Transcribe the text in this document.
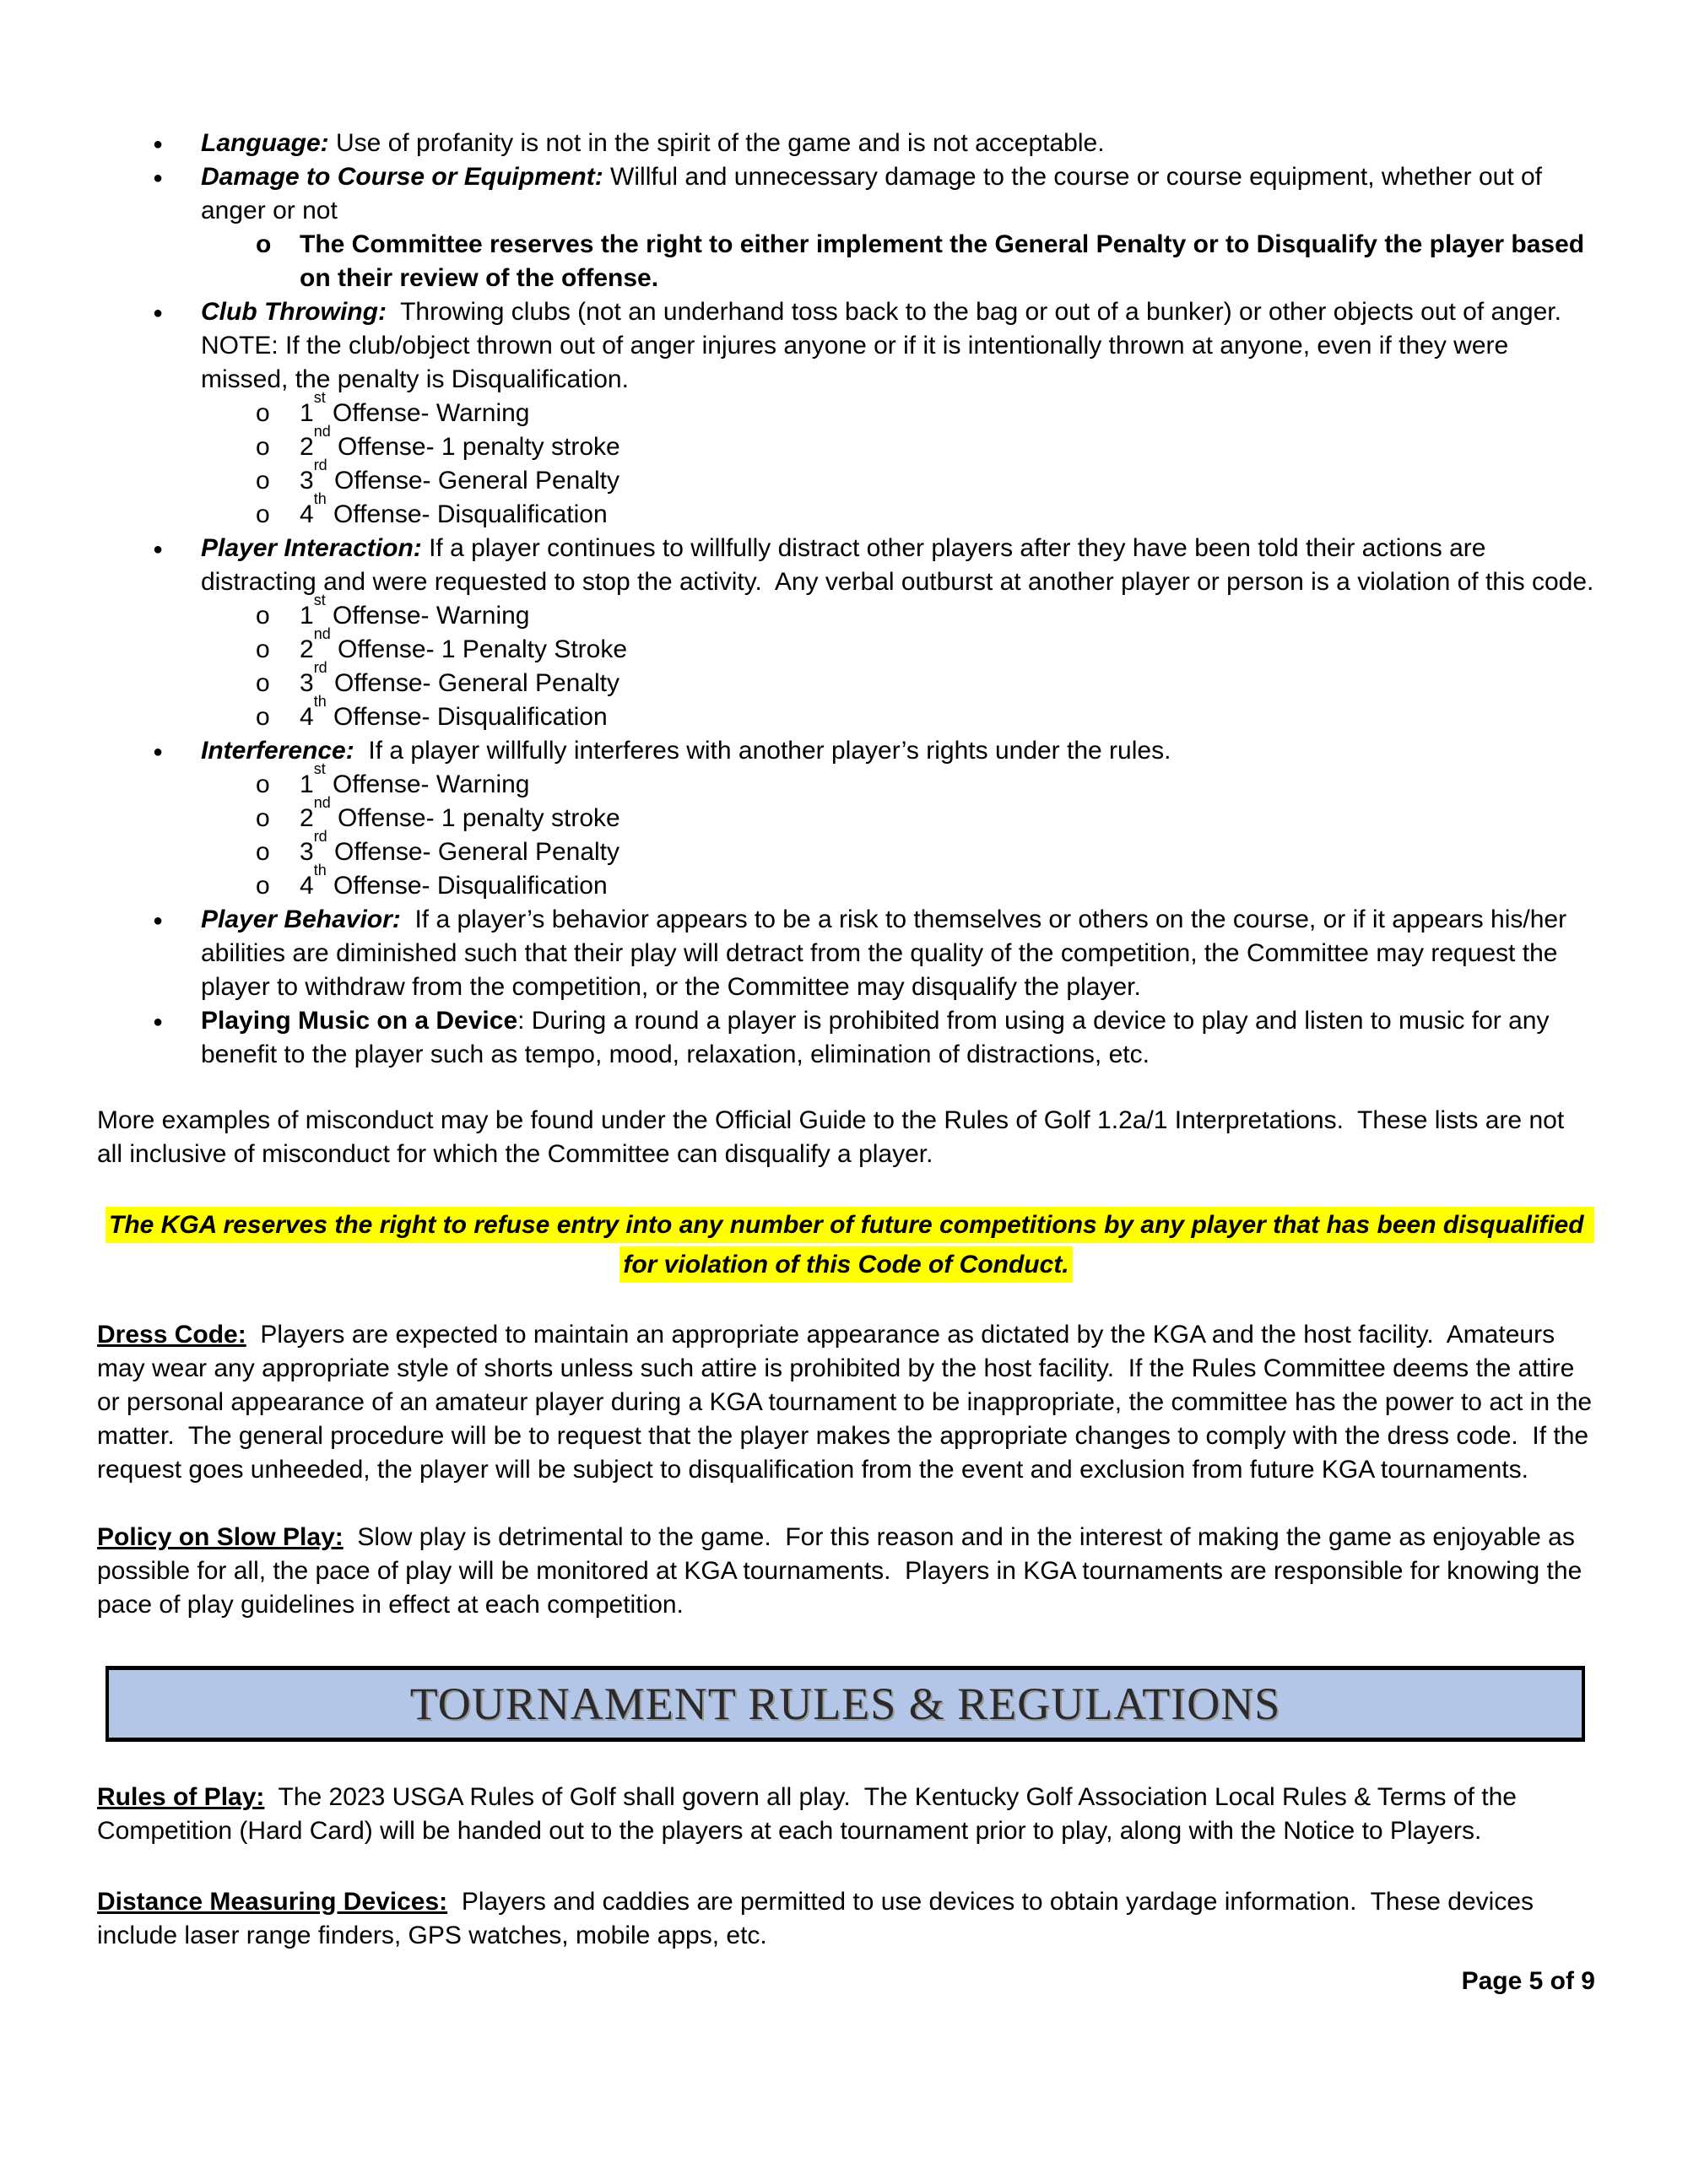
●
Language: Use of profanity is not in the spirit of the game and is not acceptable.
●
Damage to Course or Equipment: Willful and unnecessary damage to the course or course equipment, whether out of anger or not
o
The Committee reserves the right to either implement the General Penalty or to Disqualify the player based on their review of the offense.
●
Club Throwing:  Throwing clubs (not an underhand toss back to the bag or out of a bunker) or other objects out of anger.  NOTE: If the club/object thrown out of anger injures anyone or if it is intentionally thrown at anyone, even if they were missed, the penalty is Disqualification.
o
1st Offense- Warning
o
2nd Offense- 1 penalty stroke
o
3rd Offense- General Penalty
o
4th Offense- Disqualification
●
Player Interaction: If a player continues to willfully distract other players after they have been told their actions are distracting and were requested to stop the activity.  Any verbal outburst at another player or person is a violation of this code.
o
1st Offense- Warning
o
2nd Offense- 1 Penalty Stroke
o
3rd Offense- General Penalty
o
4th Offense- Disqualification
●
Interference:  If a player willfully interferes with another player’s rights under the rules.
o
1st Offense- Warning
o
2nd Offense- 1 penalty stroke
o
3rd Offense- General Penalty
o
4th Offense- Disqualification
●
Player Behavior:  If a player’s behavior appears to be a risk to themselves or others on the course, or if it appears his/her abilities are diminished such that their play will detract from the quality of the competition, the Committee may request the player to withdraw from the competition, or the Committee may disqualify the player.
●
Playing Music on a Device: During a round a player is prohibited from using a device to play and listen to music for any benefit to the player such as tempo, mood, relaxation, elimination of distractions, etc.

More examples of misconduct may be found under the Official Guide to the Rules of Golf 1.2a/1 Interpretations.  These lists are not all inclusive of misconduct for which the Committee can disqualify a player.

The KGA reserves the right to refuse entry into any number of future competitions by any player that has been disqualified for violation of this Code of Conduct.

Dress Code:  Players are expected to maintain an appropriate appearance as dictated by the KGA and the host facility.  Amateurs may wear any appropriate style of shorts unless such attire is prohibited by the host facility.  If the Rules Committee deems the attire or personal appearance of an amateur player during a KGA tournament to be inappropriate, the committee has the power to act in the matter.  The general procedure will be to request that the player makes the appropriate changes to comply with the dress code.  If the request goes unheeded, the player will be subject to disqualification from the event and exclusion from future KGA tournaments.

Policy on Slow Play:  Slow play is detrimental to the game.  For this reason and in the interest of making the game as enjoyable as possible for all, the pace of play will be monitored at KGA tournaments.  Players in KGA tournaments are responsible for knowing the pace of play guidelines in effect at each competition.

TOURNAMENT RULES & REGULATIONS

Rules of Play:  The 2023 USGA Rules of Golf shall govern all play.  The Kentucky Golf Association Local Rules & Terms of the Competition (Hard Card) will be handed out to the players at each tournament prior to play, along with the Notice to Players.

Distance Measuring Devices:  Players and caddies are permitted to use devices to obtain yardage information.  These devices include laser range finders, GPS watches, mobile apps, etc.

Page 5 of 9
